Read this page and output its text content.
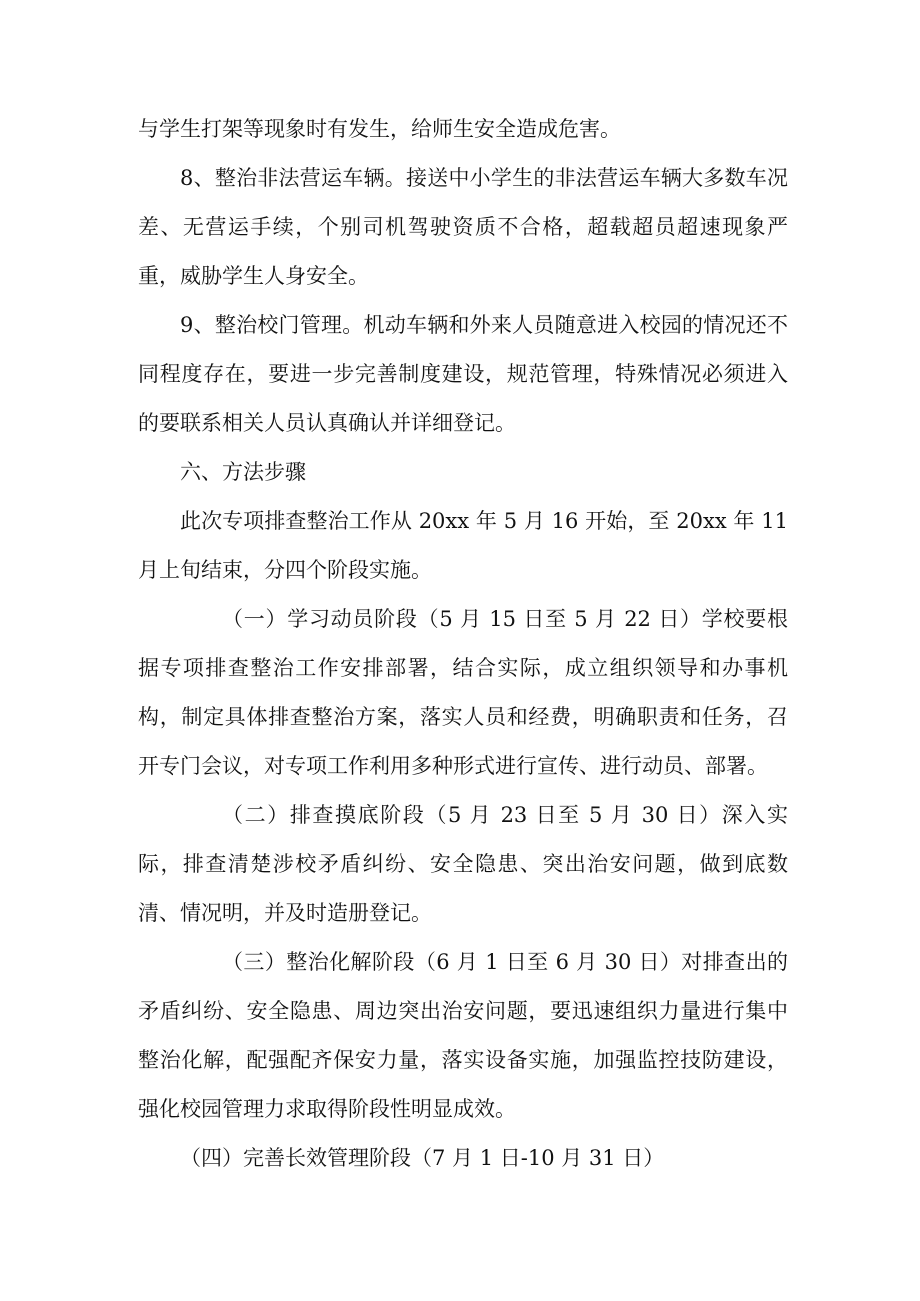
与学生打架等现象时有发生，给师生安全造成危害。

8、整治非法营运车辆。接送中小学生的非法营运车辆大多数车况差、无营运手续，个别司机驾驶资质不合格，超载超员超速现象严重，威胁学生人身安全。

9、整治校门管理。机动车辆和外来人员随意进入校园的情况还不同程度存在，要进一步完善制度建设，规范管理，特殊情况必须进入的要联系相关人员认真确认并详细登记。

六、方法步骤

此次专项排查整治工作从 20xx 年 5 月 16 开始，至 20xx 年 11 月上旬结束，分四个阶段实施。

（一）学习动员阶段（5 月 15 日至 5 月 22 日）学校要根据专项排查整治工作安排部署，结合实际，成立组织领导和办事机构，制定具体排查整治方案，落实人员和经费，明确职责和任务，召开专门会议，对专项工作利用多种形式进行宣传、进行动员、部署。

（二）排查摸底阶段（5 月 23 日至 5 月 30 日）深入实际，排查清楚涉校矛盾纠纷、安全隐患、突出治安问题，做到底数清、情况明，并及时造册登记。

（三）整治化解阶段（6 月 1 日至 6 月 30 日）对排查出的矛盾纠纷、安全隐患、周边突出治安问题，要迅速组织力量进行集中整治化解，配强配齐保安力量，落实设备实施，加强监控技防建设，强化校园管理力求取得阶段性明显成效。

（四）完善长效管理阶段（7 月 1 日-10 月 31 日）
